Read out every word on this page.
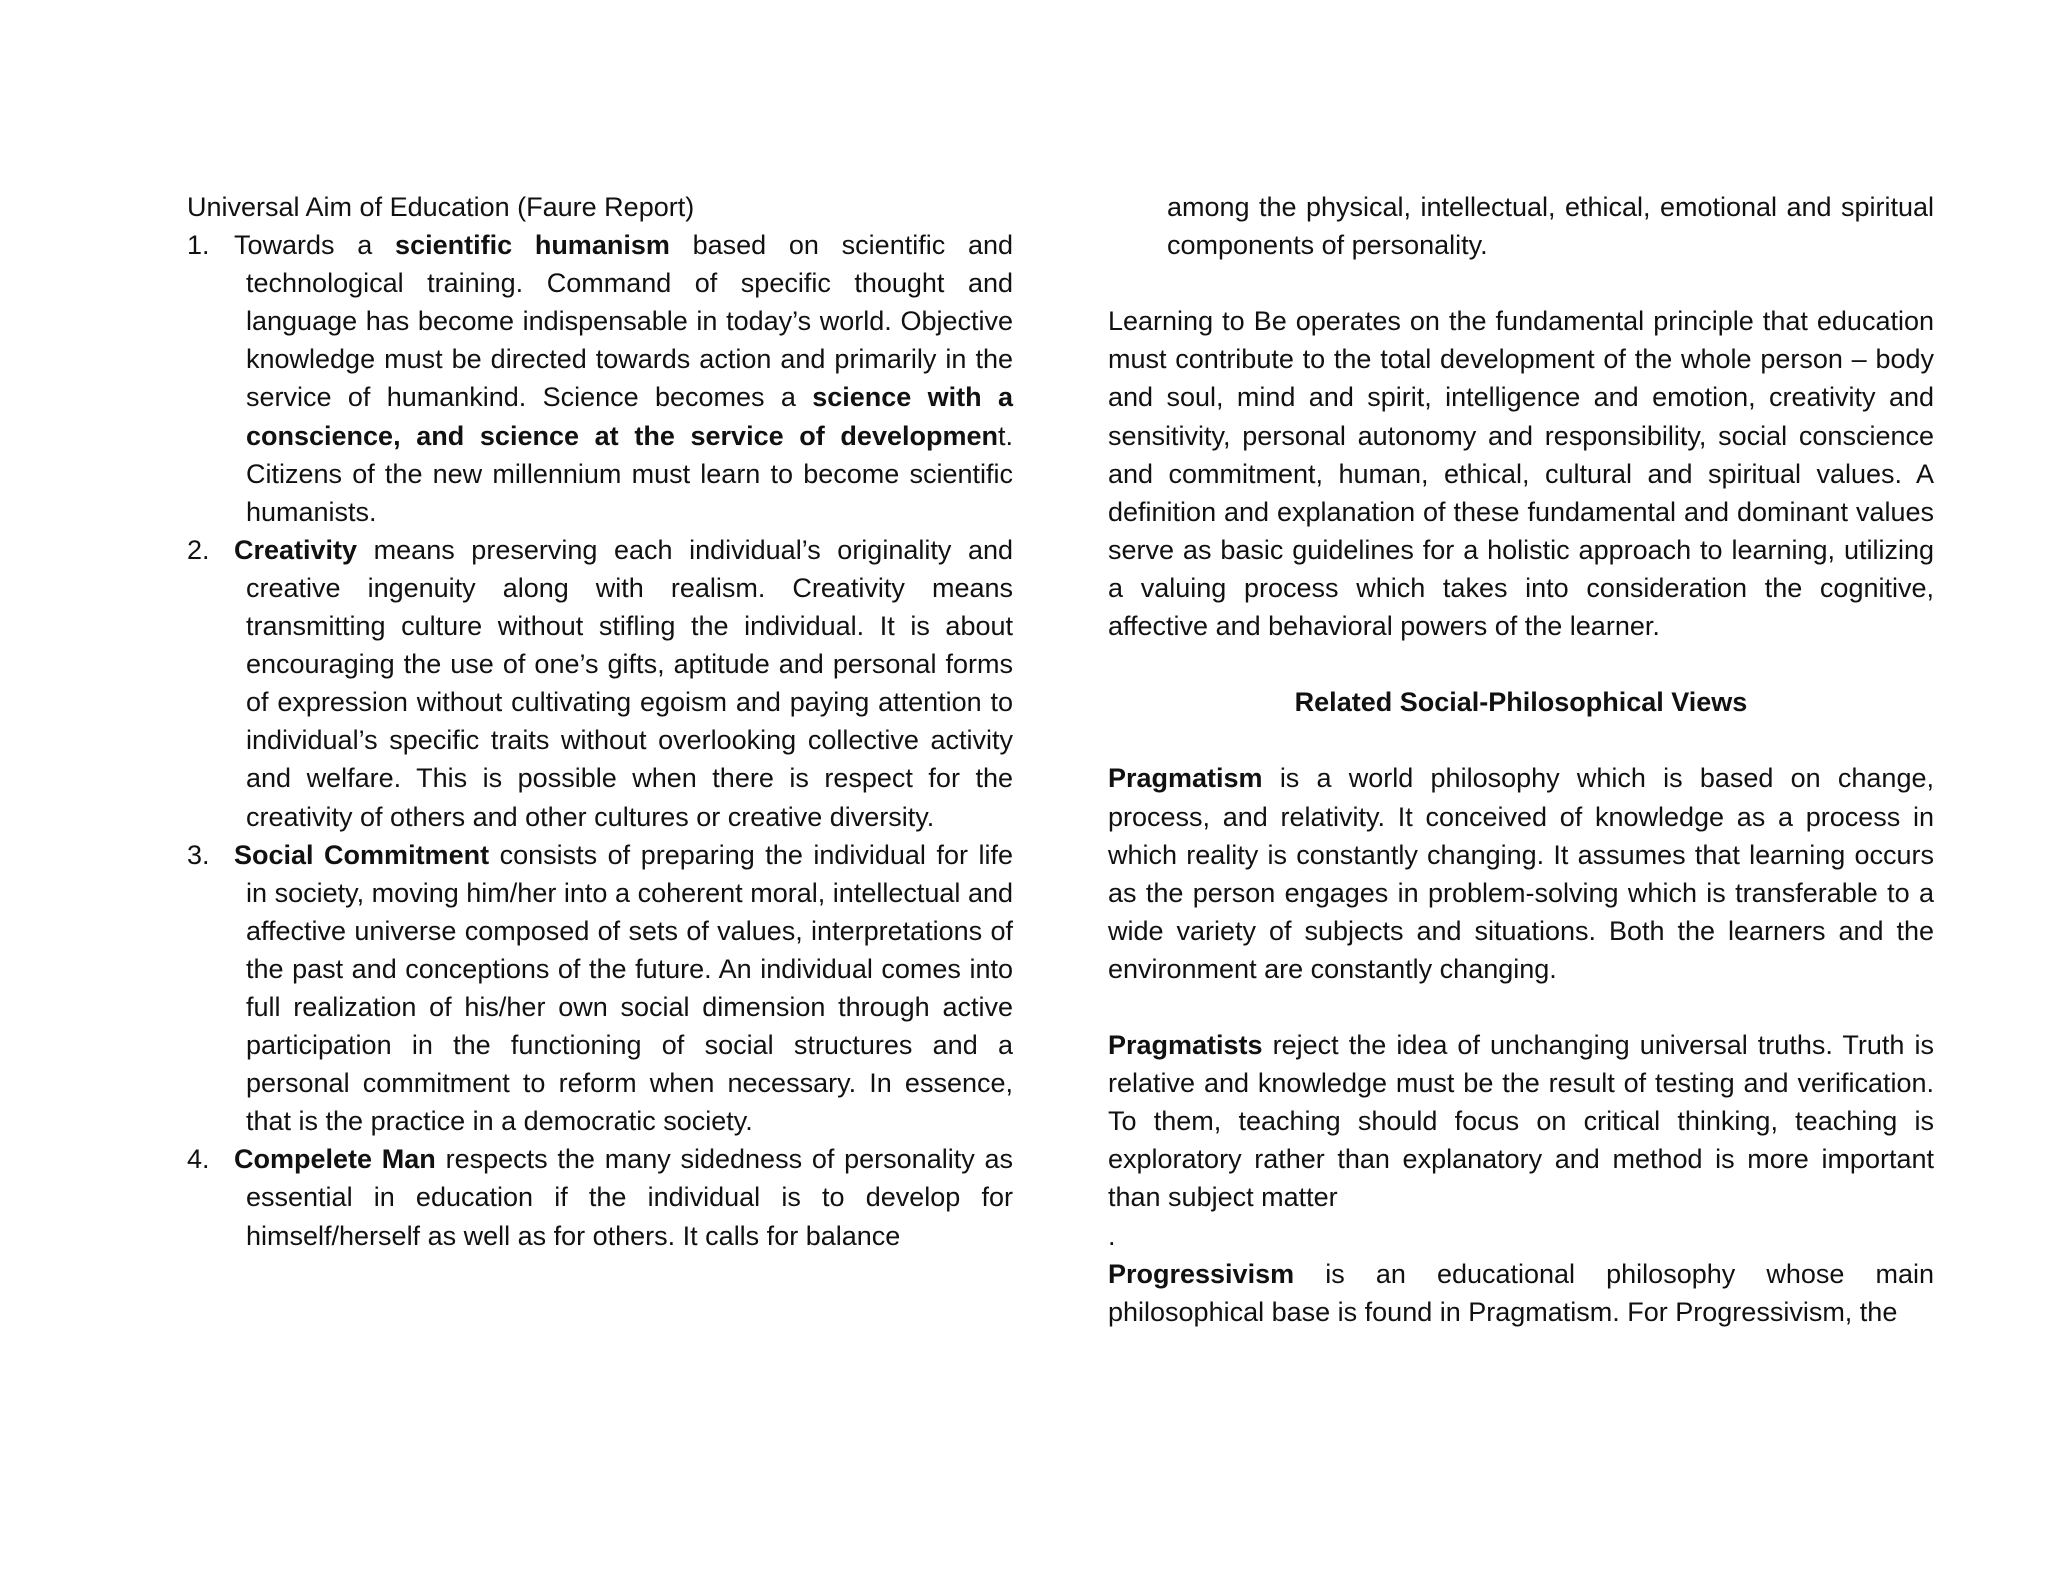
Universal Aim of Education (Faure Report)

1. Towards a scientific humanism based on scientific and technological training. Command of specific thought and language has become indispensable in today’s world. Objective knowledge must be directed towards action and primarily in the service of humankind. Science becomes a science with a conscience, and science at the service of development. Citizens of the new millennium must learn to become scientific humanists.
2. Creativity means preserving each individual’s originality and creative ingenuity along with realism. Creativity means transmitting culture without stifling the individual. It is about encouraging the use of one’s gifts, aptitude and personal forms of expression without cultivating egoism and paying attention to individual’s specific traits without overlooking collective activity and welfare. This is possible when there is respect for the creativity of others and other cultures or creative diversity.
3. Social Commitment consists of preparing the individual for life in society, moving him/her into a coherent moral, intellectual and affective universe composed of sets of values, interpretations of the past and conceptions of the future. An individual comes into full realization of his/her own social dimension through active participation in the functioning of social structures and a personal commitment to reform when necessary. In essence, that is the practice in a democratic society.
4. Compelete Man respects the many sidedness of personality as essential in education if the individual is to develop for himself/herself as well as for others. It calls for balance

among the physical, intellectual, ethical, emotional and spiritual components of personality.

Learning to Be operates on the fundamental principle that education must contribute to the total development of the whole person – body and soul, mind and spirit, intelligence and emotion, creativity and sensitivity, personal autonomy and responsibility, social conscience and commitment, human, ethical, cultural and spiritual values. A definition and explanation of these fundamental and dominant values serve as basic guidelines for a holistic approach to learning, utilizing a valuing process which takes into consideration the cognitive, affective and behavioral powers of the learner.

Related Social-Philosophical Views

Pragmatism is a world philosophy which is based on change, process, and relativity. It conceived of knowledge as a process in which reality is constantly changing. It assumes that learning occurs as the person engages in problem-solving which is transferable to a wide variety of subjects and situations. Both the learners and the environment are constantly changing.

Pragmatists reject the idea of unchanging universal truths. Truth is relative and knowledge must be the result of testing and verification. To them, teaching should focus on critical thinking, teaching is exploratory rather than explanatory and method is more important than subject matter

.

Progressivism is an educational philosophy whose main philosophical base is found in Pragmatism. For Progressivism, the
